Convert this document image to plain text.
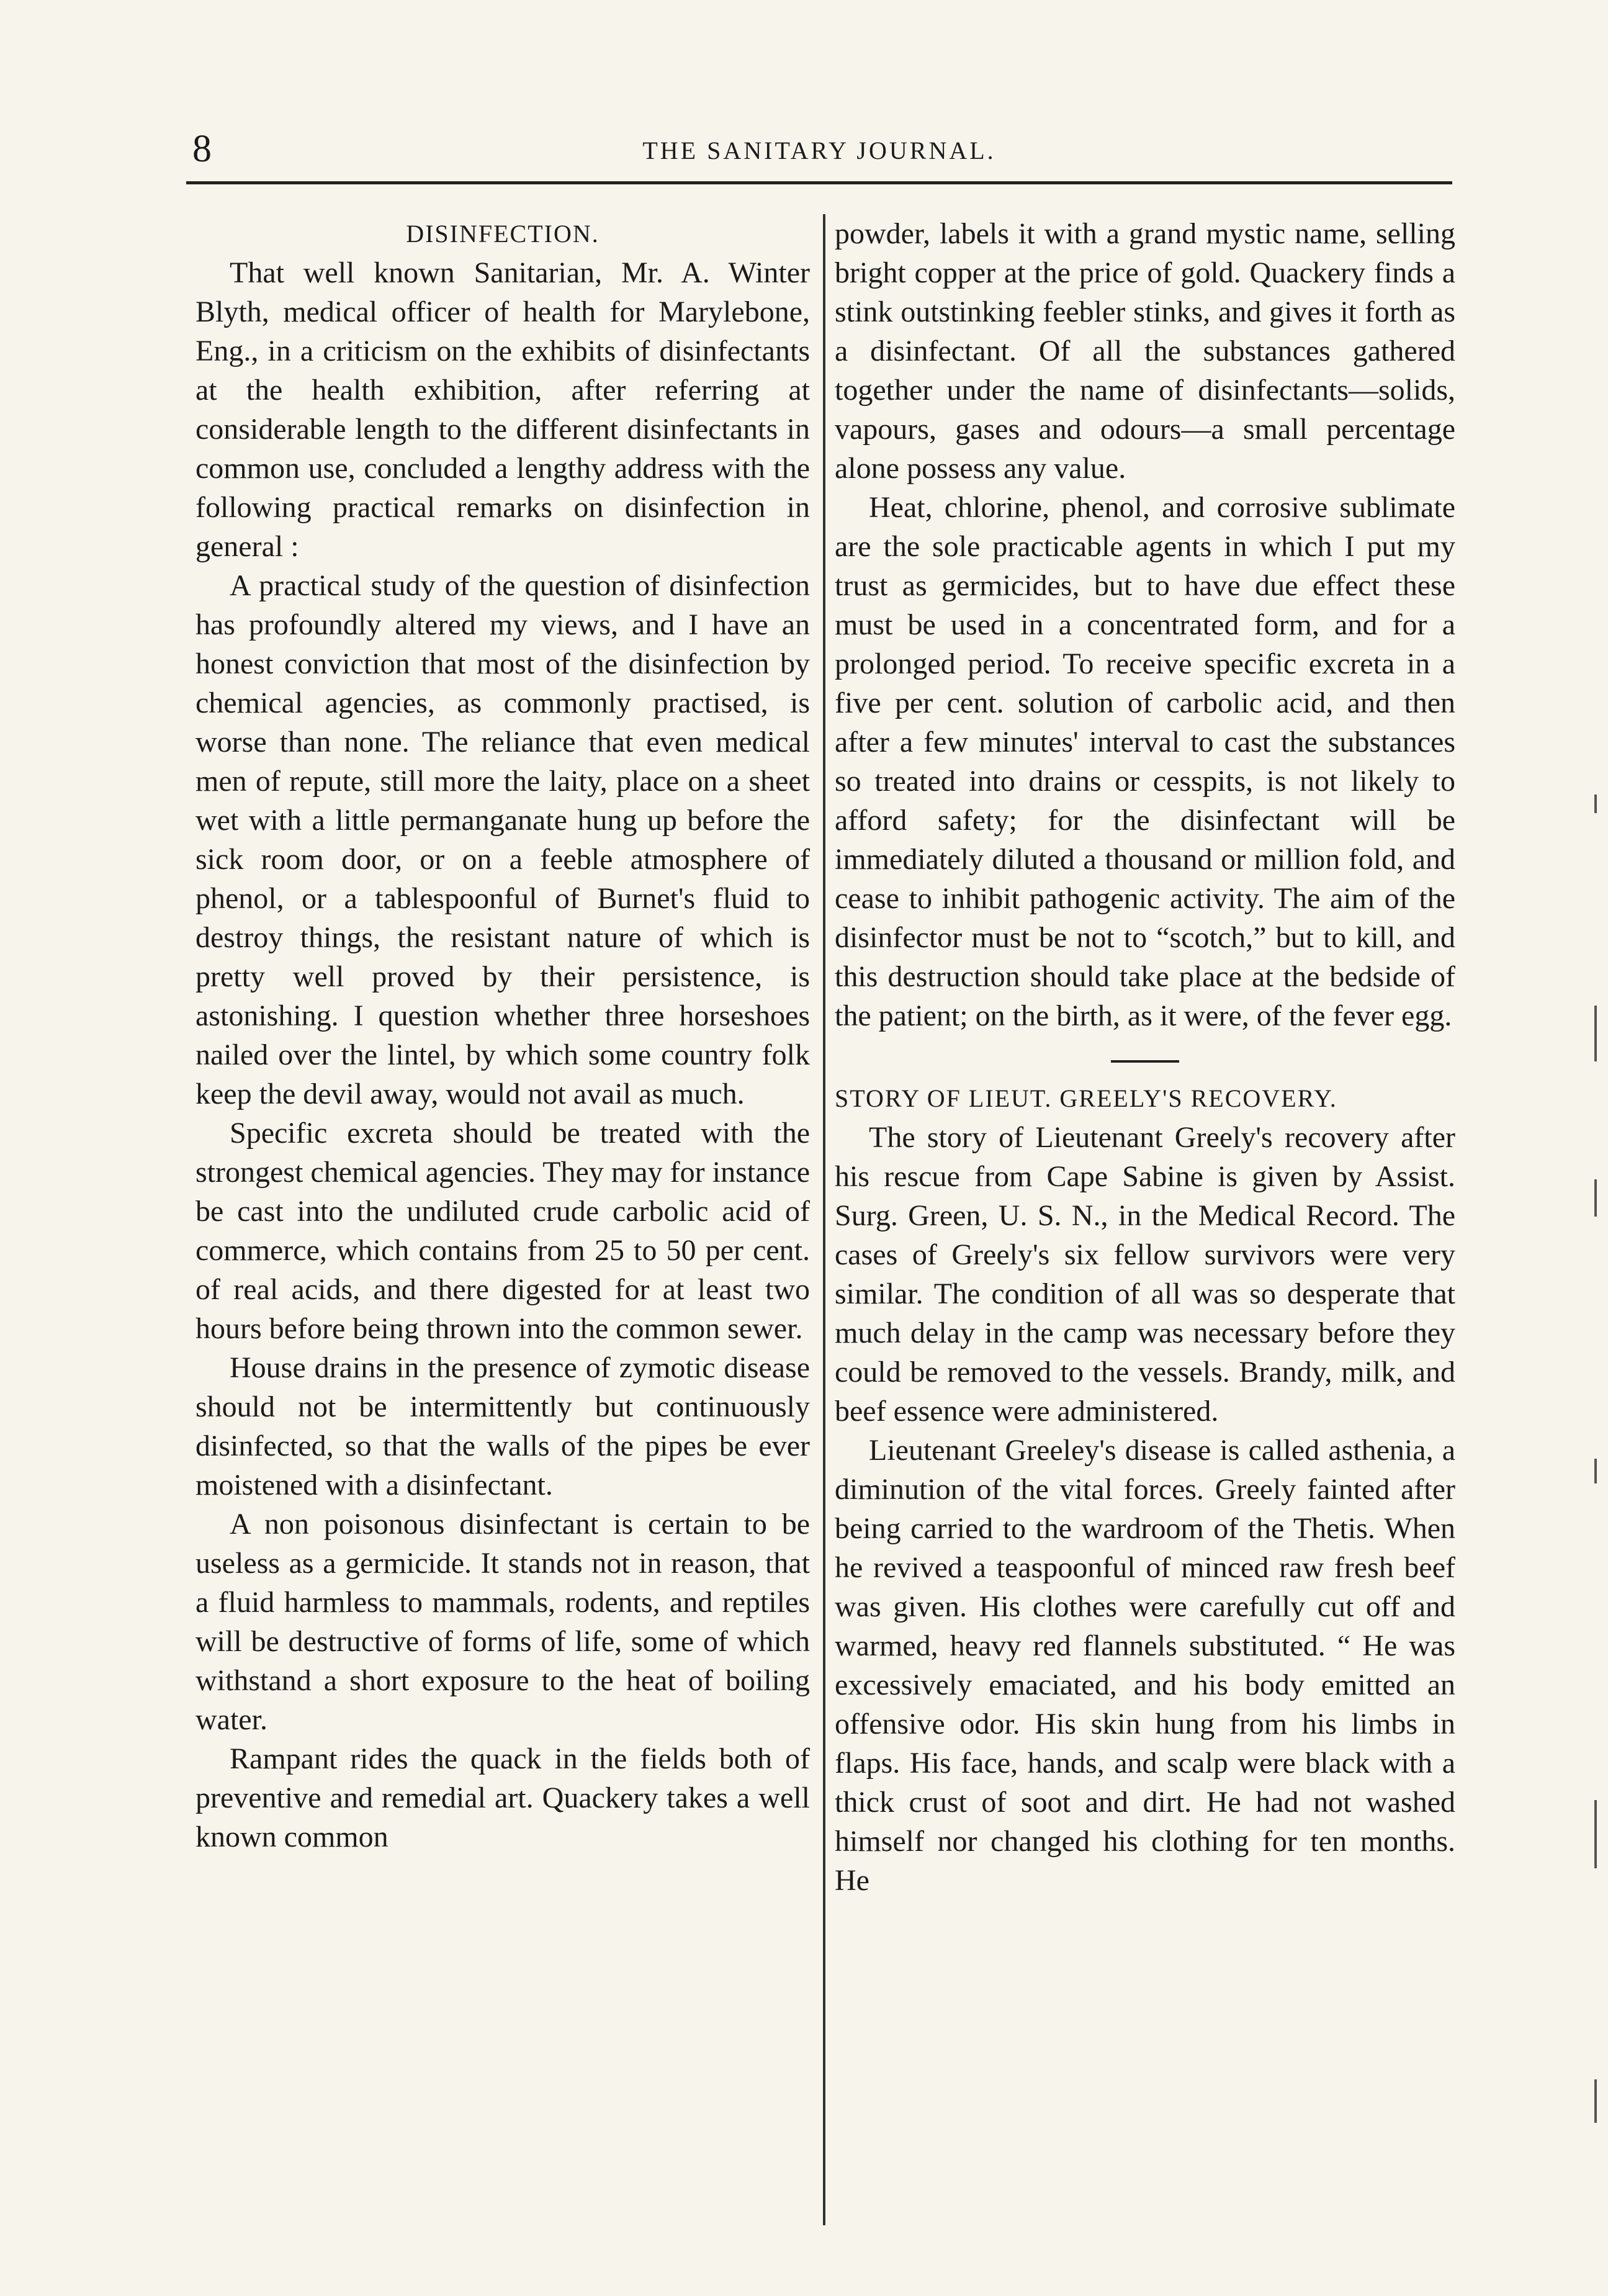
8	THE SANITARY JOURNAL.

DISINFECTION.

That well known Sanitarian, Mr. A. Winter Blyth, medical officer of health for Marylebone, Eng., in a criticism on the exhibits of disinfectants at the health exhibition, after referring at considerable length to the different disinfectants in common use, concluded a lengthy address with the following practical remarks on disinfection in general :

A practical study of the question of disinfection has profoundly altered my views, and I have an honest conviction that most of the disinfection by chemical agencies, as commonly practised, is worse than none. The reliance that even medical men of repute, still more the laity, place on a sheet wet with a little permanganate hung up before the sick room door, or on a feeble atmosphere of phenol, or a tablespoonful of Burnet's fluid to destroy things, the resistant nature of which is pretty well proved by their persistence, is astonishing. I question whether three horseshoes nailed over the lintel, by which some country folk keep the devil away, would not avail as much.

Specific excreta should be treated with the strongest chemical agencies. They may for instance be cast into the undiluted crude carbolic acid of commerce, which contains from 25 to 50 per cent. of real acids, and there digested for at least two hours before being thrown into the common sewer.

House drains in the presence of zymotic disease should not be intermittently but continuously disinfected, so that the walls of the pipes be ever moistened with a disinfectant.

A non poisonous disinfectant is certain to be useless as a germicide. It stands not in reason, that a fluid harmless to mammals, rodents, and reptiles will be destructive of forms of life, some of which withstand a short exposure to the heat of boiling water.

Rampant rides the quack in the fields both of preventive and remedial art. Quackery takes a well known common

powder, labels it with a grand mystic name, selling bright copper at the price of gold. Quackery finds a stink outstinking feebler stinks, and gives it forth as a disinfectant. Of all the substances gathered together under the name of disinfectants—solids, vapours, gases and odours—a small percentage alone possess any value.

Heat, chlorine, phenol, and corrosive sublimate are the sole practicable agents in which I put my trust as germicides, but to have due effect these must be used in a concentrated form, and for a prolonged period. To receive specific excreta in a five per cent. solution of carbolic acid, and then after a few minutes' interval to cast the substances so treated into drains or cesspits, is not likely to afford safety; for the disinfectant will be immediately diluted a thousand or million fold, and cease to inhibit pathogenic activity. The aim of the disinfector must be not to “scotch,” but to kill, and this destruction should take place at the bedside of the patient; on the birth, as it were, of the fever egg.

STORY OF LIEUT. GREELY'S RECOVERY.

The story of Lieutenant Greely's recovery after his rescue from Cape Sabine is given by Assist. Surg. Green, U. S. N., in the Medical Record. The cases of Greely's six fellow survivors were very similar. The condition of all was so desperate that much delay in the camp was necessary before they could be removed to the vessels. Brandy, milk, and beef essence were administered.

Lieutenant Greeley's disease is called asthenia, a diminution of the vital forces. Greely fainted after being carried to the wardroom of the Thetis. When he revived a teaspoonful of minced raw fresh beef was given. His clothes were carefully cut off and warmed, heavy red flannels substituted. “ He was excessively emaciated, and his body emitted an offensive odor. His skin hung from his limbs in flaps. His face, hands, and scalp were black with a thick crust of soot and dirt. He had not washed himself nor changed his clothing for ten months. He
